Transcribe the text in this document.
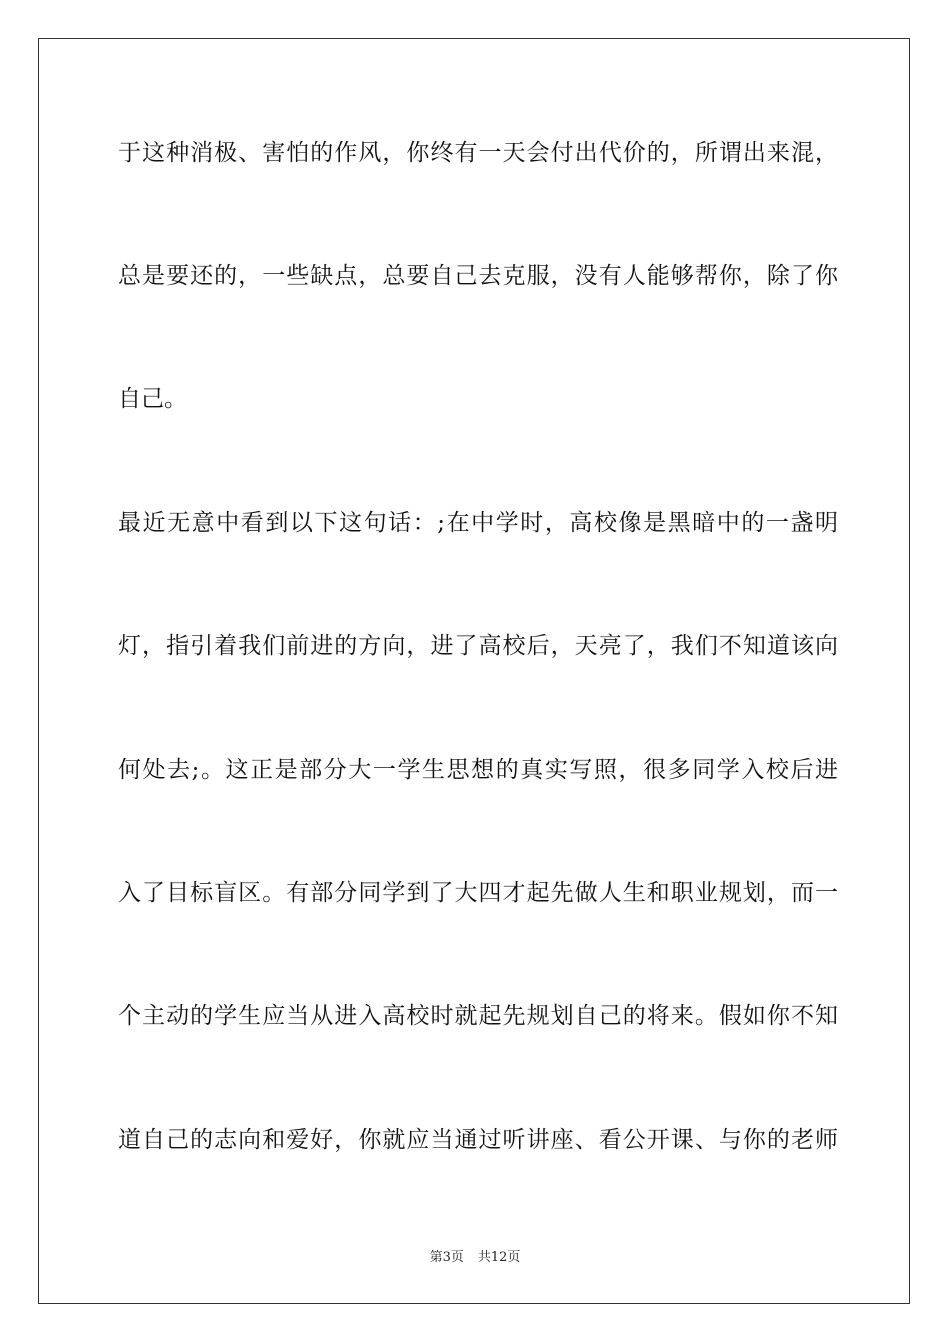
于这种消极、害怕的作风，你终有一天会付出代价的，所谓出来混，
总是要还的，一些缺点，总要自己去克服，没有人能够帮你，除了你
自己。
最近无意中看到以下这句话：;在中学时，高校像是黑暗中的一盏明
灯，指引着我们前进的方向，进了高校后，天亮了，我们不知道该向
何处去;。这正是部分大一学生思想的真实写照，很多同学入校后进
入了目标盲区。有部分同学到了大四才起先做人生和职业规划，而一
个主动的学生应当从进入高校时就起先规划自己的将来。假如你不知
道自己的志向和爱好，你就应当通过听讲座、看公开课、与你的老师
第3页 共12页
